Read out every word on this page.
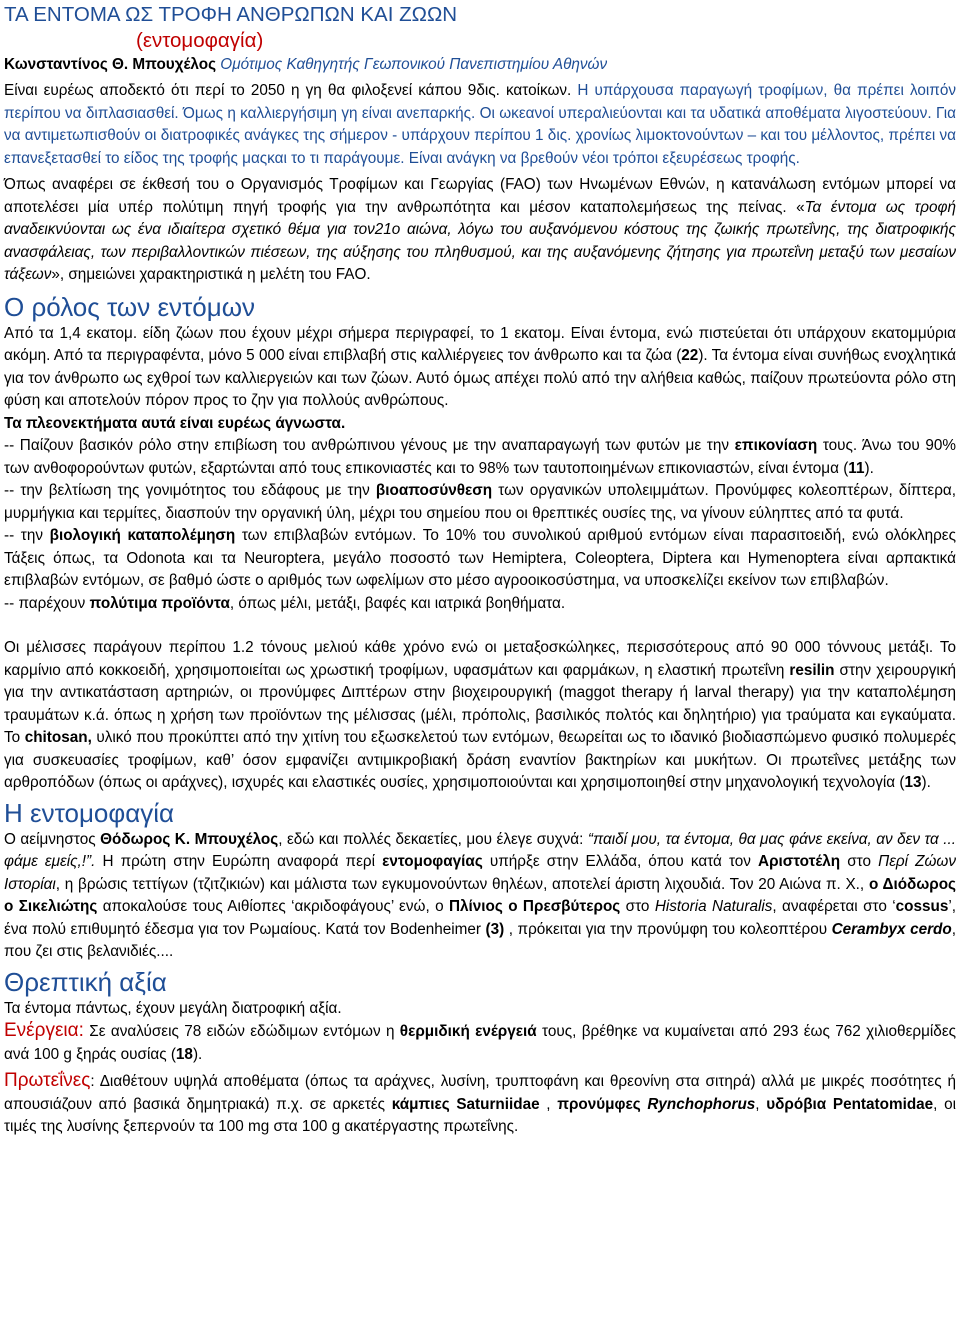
ΤΑ ΕΝΤΟΜΑ ΩΣ ΤΡΟΦΗ ΑΝΘΡΩΠΩΝ ΚΑΙ ΖΩΩΝ
(εντομοφαγία)
Κωνσταντίνος Θ. Μπουχέλος Ομότιμος Καθηγητής Γεωπονικού Πανεπιστημίου Αθηνών
Είναι ευρέως αποδεκτό ότι περί το 2050 η γη θα φιλοξενεί κάπου 9δις. κατοίκων. Η υπάρχουσα παραγωγή τροφίμων, θα πρέπει λοιπόν περίπου να διπλασιασθεί. Όμως η καλλιεργήσιμη γη είναι ανεπαρκής. Οι ωκεανοί υπεραλιεύονται και τα υδατικά αποθέματα λιγοστεύουν. Για να αντιμετωπισθούν οι διατροφικές ανάγκες της σήμερον - υπάρχουν περίπου 1 δις. χρονίως λιμοκτονούντων – και του μέλλοντος, πρέπει να επανεξετασθεί το είδος της τροφής μαςκαι το τι παράγουμε. Είναι ανάγκη να βρεθούν νέοι τρόποι εξευρέσεως τροφής.
Όπως αναφέρει σε έκθεσή του ο Οργανισμός Τροφίμων και Γεωργίας (FAO) των Ηνωμένων Εθνών, η κατανάλωση εντόμων μπορεί να αποτελέσει μία υπέρ πολύτιμη πηγή τροφής για την ανθρωπότητα και μέσον καταπολεμήσεως της πείνας. «Τα έντομα ως τροφή αναδεικνύονται ως ένα ιδιαίτερα σχετικό θέμα για τον21ο αιώνα, λόγω του αυξανόμενου κόστους της ζωικής πρωτεΐνης, της διατροφικής ανασφάλειας, των περιβαλλοντικών πιέσεων, της αύξησης του πληθυσμού, και της αυξανόμενης ζήτησης για πρωτεΐνη μεταξύ των μεσαίων τάξεων», σημειώνει χαρακτηριστικά η μελέτη του FAO.
Ο ρόλος των εντόμων
Από τα 1,4 εκατομ. είδη ζώων που έχουν μέχρι σήμερα περιγραφεί, το 1 εκατομ. Είναι έντομα, ενώ πιστεύεται ότι υπάρχουν εκατομμύρια ακόμη. Από τα περιγραφέντα, μόνο 5 000 είναι επιβλαβή στις καλλιέργειες τον άνθρωπο και τα ζώα (22). Τα έντομα είναι συνήθως ενοχλητικά για τον άνθρωπο ως εχθροί των καλλιεργειών και των ζώων. Αυτό όμως απέχει πολύ από την αλήθεια καθώς, παίζουν πρωτεύοντα ρόλο στη φύση και αποτελούν πόρον προς το ζην για πολλούς ανθρώπους.
Τα πλεονεκτήματα αυτά είναι ευρέως άγνωστα.
-- Παίζουν βασικόν ρόλο στην επιβίωση του ανθρώπινου γένους με την αναπαραγωγή των φυτών με την επικονίαση τους. Άνω του 90% των ανθοφορούντων φυτών, εξαρτώνται από τους επικονιαστές και το 98% των ταυτοποιημένων επικονιαστών, είναι έντομα (11).
-- την βελτίωση της γονιμότητος του εδάφους με την βιοαποσύνθεση των οργανικών υπολειμμάτων. Προνύμφες κολεοπτέρων, δίπτερα, μυρμήγκια και τερμίτες, διασπούν την οργανική ύλη, μέχρι του σημείου που οι θρεπτικές ουσίες της, να γίνουν εύληπτες από τα φυτά.
-- την βιολογική καταπολέμηση των επιβλαβών εντόμων. Το 10% του συνολικού αριθμού εντόμων είναι παρασιτοειδή, ενώ ολόκληρες Τάξεις όπως, τα Odonota και τα Neuroptera, μεγάλο ποσοστό των Hemiptera, Coleoptera, Diptera και Hymenoptera είναι αρπακτικά επιβλαβών εντόμων, σε βαθμό ώστε ο αριθμός των ωφελίμων στο μέσο αγροοικοσύστημα, να υποσκελίζει εκείνον των επιβλαβών.
-- παρέχουν πολύτιμα προϊόντα, όπως μέλι, μετάξι, βαφές και ιατρικά βοηθήματα.
Οι μέλισσες παράγουν περίπου 1.2 τόνους μελιού κάθε χρόνο ενώ οι μεταξοσκώληκες, περισσότερους από 90 000 τόννους μετάξι. Το καρμίνιο από κοκκοειδή, χρησιμοποιείται ως χρωστική τροφίμων, υφασμάτων και φαρμάκων, η ελαστική πρωτεΐνη resilin στην χειρουργική για την αντικατάσταση αρτηριών, οι προνύμφες Διπτέρων στην βιοχειρουργική (maggot therapy ή larval therapy) για την καταπολέμηση τραυμάτων κ.ά. όπως η χρήση των προϊόντων της μέλισσας (μέλι, πρόπολις, βασιλικός πολτός και δηλητήριο) για τραύματα και εγκαύματα. Το chitosan, υλικό που προκύπτει από την χιτίνη του εξωσκελετού των εντόμων, θεωρείται ως το ιδανικό βιοδιασπώμενο φυσικό πολυμερές για συσκευασίες τροφίμων, καθ’ όσον εμφανίζει αντιμικροβιακή δράση εναντίον βακτηρίων και μυκήτων. Οι πρωτεΐνες μετάξης των αρθροπόδων (όπως οι αράχνες), ισχυρές και ελαστικές ουσίες, χρησιμοποιούνται και χρησιμοποιηθεί στην μηχανολογική τεχνολογία (13).
Η εντομοφαγία
Ο αείμνηστος Θόδωρος Κ. Μπουχέλος, εδώ και πολλές δεκαετίες, μου έλεγε συχνά: “παιδί μου, τα έντομα, θα μας φάνε εκείνα, αν δεν τα ... φάμε εμείς,!”. Η πρώτη στην Ευρώπη αναφορά περί εντομοφαγίας υπήρξε στην Ελλάδα, όπου κατά τον Αριστοτέλη στο Περί Ζώων Ιστορίαι, η βρώσις τεττίγων (τζιτζικιών) και μάλιστα των εγκυμονούντων θηλέων, αποτελεί άριστη λιχουδιά. Τον 20 Αιώνα π. Χ., ο Διόδωρος ο Σικελιώτης αποκαλούσε τους Αιθίοπες ‘ακριδοφάγους’ ενώ, ο Πλίνιος ο Πρεσβύτερος στο Historia Naturalis, αναφέρεται στο ‘cossus’, ένα πολύ επιθυμητό έδεσμα για τον Ρωμαίους. Κατά τον Bodenheimer (3) , πρόκειται για την προνύμφη του κολεοπτέρου Cerambyx cerdo, που ζει στις βελανιδιές....
Θρεπτική αξία
Τα έντομα πάντως, έχουν μεγάλη διατροφική αξία.
Ενέργεια: Σε αναλύσεις 78 ειδών εδώδιμων εντόμων η θερμιδική ενέργειά τους, βρέθηκε να κυμαίνεται από 293 έως 762 χιλιοθερμίδες ανά 100 g ξηράς ουσίας (18).
Πρωτεΐνες: Διαθέτουν υψηλά αποθέματα (όπως τα αράχνες, λυσίνη, τρυπτοφάνη και θρεονίνη στα σιτηρά) αλλά με μικρές ποσότητες ή απουσιάζουν από βασικά δημητριακά) π.χ. σε αρκετές κάμπιες Saturniidae , προνύμφες Rynchophorus, υδρόβια Pentatomidae, οι τιμές της λυσίνης ξεπερνούν τα 100 mg στα 100 g ακατέργαστης πρωτεΐνης.
